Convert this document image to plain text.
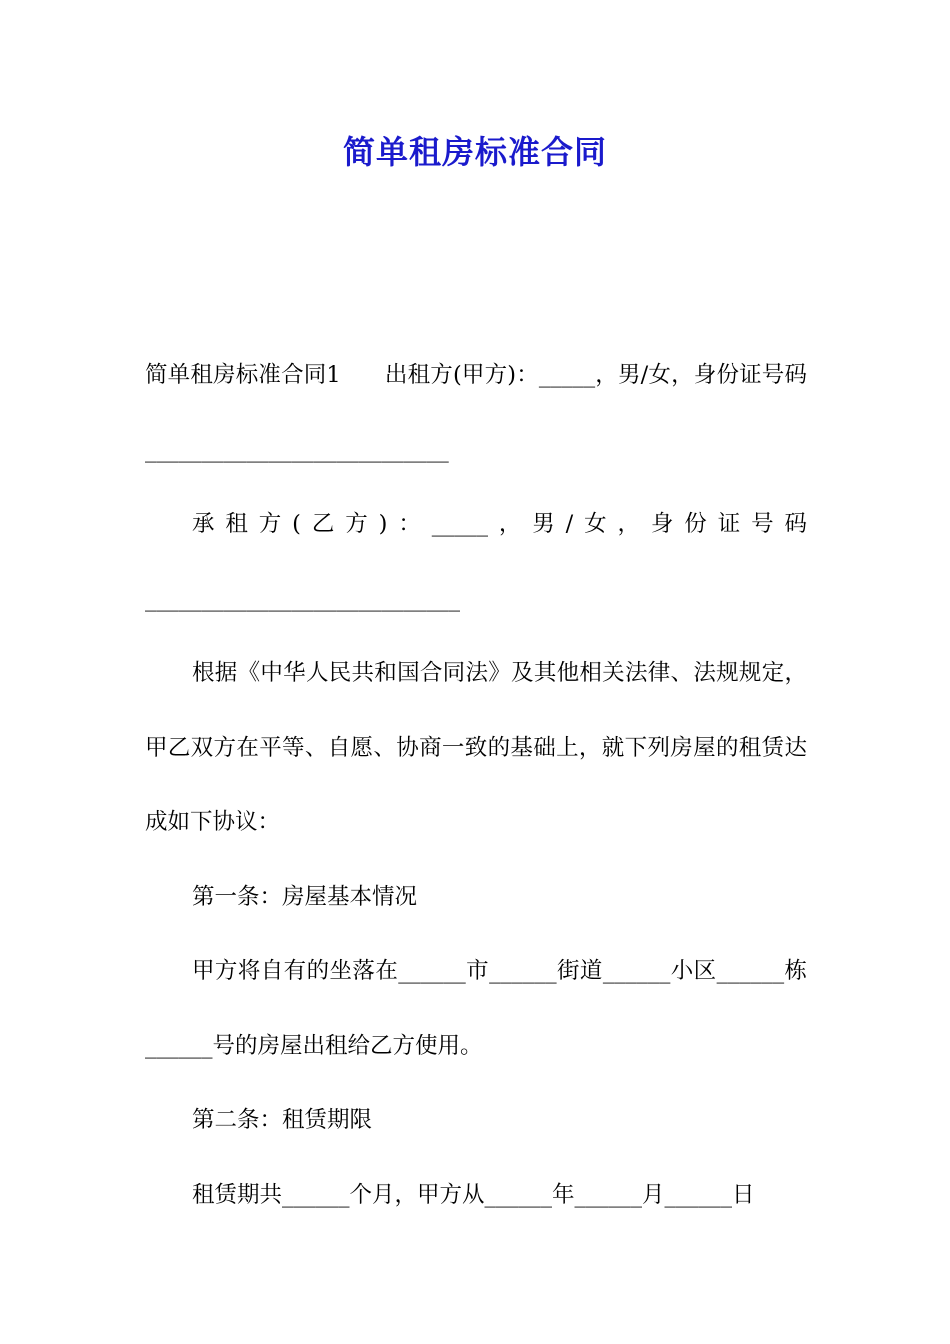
简单租房标准合同

简单租房标准合同1 出租方(甲方)：_____，男/女，身份证号码___________________________

承租方(乙方)：_____，男/女，身份证号码____________________________

根据《中华人民共和国合同法》及其他相关法律、法规规定，甲乙双方在平等、自愿、协商一致的基础上，就下列房屋的租赁达成如下协议：

第一条：房屋基本情况

甲方将自有的坐落在______市______街道______小区______栋______号的房屋出租给乙方使用。

第二条：租赁期限

租赁期共______个月，甲方从______年______月______日
